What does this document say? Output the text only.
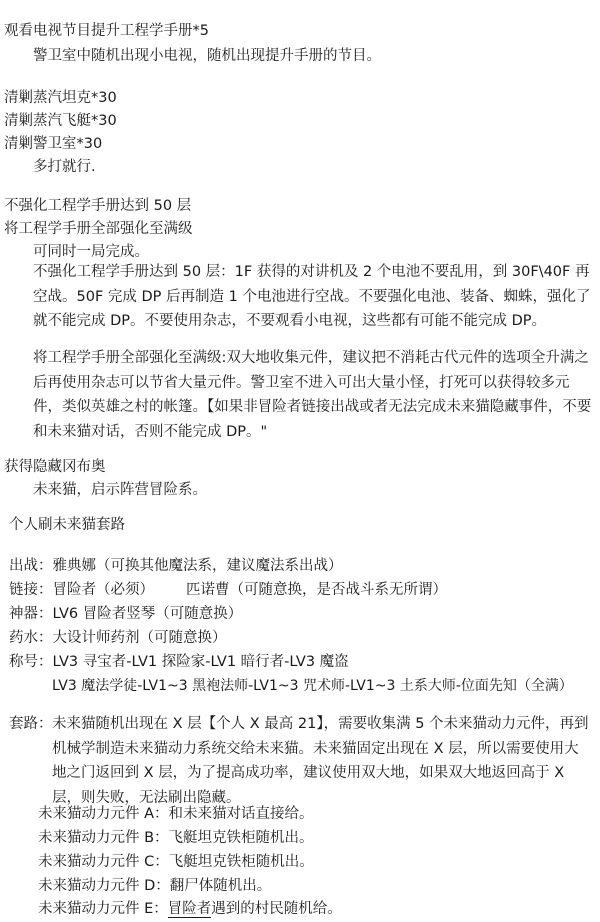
观看电视节目提升工程学手册*5
警卫室中随机出现小电视，随机出现提升手册的节目。
清剿蒸汽坦克*30
清剿蒸汽飞艇*30
清剿警卫室*30
多打就行.
不强化工程学手册达到 50 层
将工程学手册全部强化至满级
可同时一局完成。
不强化工程学手册达到 50 层：1F 获得的对讲机及 2 个电池不要乱用，到 30F\40F 再空战。50F 完成 DP 后再制造 1 个电池进行空战。不要强化电池、装备、蜘蛛，强化了就不能完成 DP。不要使用杂志，不要观看小电视，这些都有可能不能完成 DP。
将工程学手册全部强化至满级:双大地收集元件，建议把不消耗古代元件的选项全升满之后再使用杂志可以节省大量元件。警卫室不进入可出大量小怪，打死可以获得较多元件，类似英雄之村的帐篷。【如果非冒险者链接出战或者无法完成未来猫隐藏事件，不要和未来猫对话，否则不能完成 DP。"
获得隐藏冈布奥
未来猫，启示阵营冒险系。
个人刷未来猫套路
出战：雅典娜（可换其他魔法系，建议魔法系出战）
链接：冒险者（必须） 匹诺曹（可随意换，是否战斗系无所谓）
神器：LV6 冒险者竖琴（可随意换）
药水：大设计师药剂（可随意换）
称号：LV3 寻宝者-LV1 探险家-LV1 暗行者-LV3 魔盗
LV3 魔法学徒-LV1~3 黑袍法师-LV1~3 咒术师-LV1~3 土系大师-位面先知（全满）
套路： 未来猫随机出现在 X 层【个人 X 最高 21】，需要收集满 5 个未来猫动力元件，再到机械学制造未来猫动力系统交给未来猫。未来猫固定出现在 X 层，所以需要使用大地之门返回到 X 层，为了提高成功率，建议使用双大地，如果双大地返回高于 X 层，则失败，无法刷出隐藏。
未来猫动力元件 A：和未来猫对话直接给。
未来猫动力元件 B：飞艇坦克铁柜随机出。
未来猫动力元件 C：飞艇坦克铁柜随机出。
未来猫动力元件 D：翻尸体随机出。
未来猫动力元件 E：冒险者遇到的村民随机给。
